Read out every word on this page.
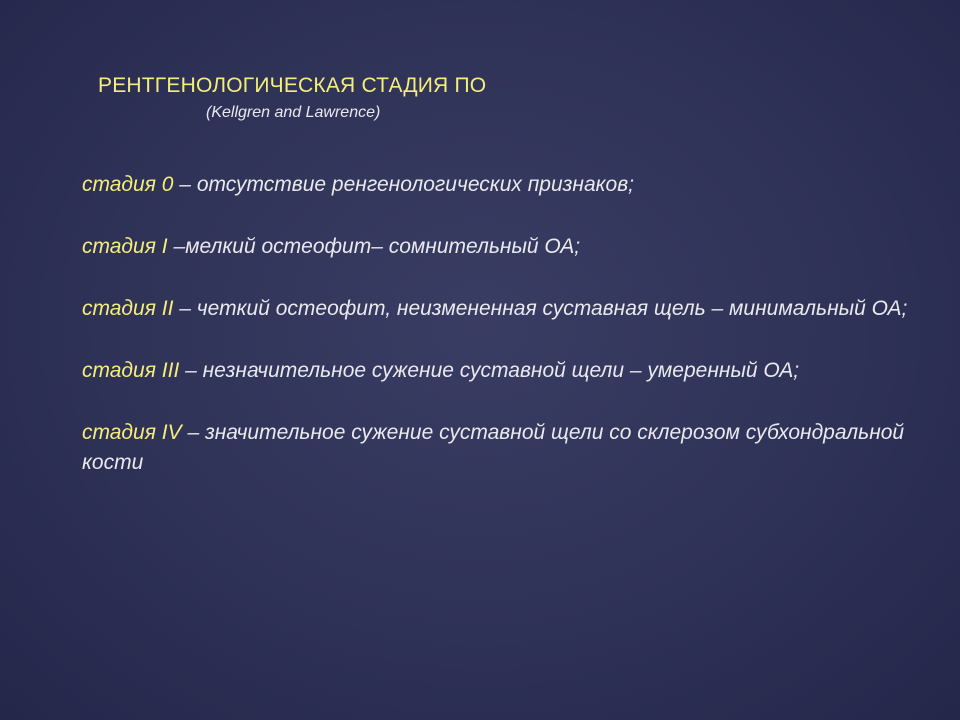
РЕНТГЕНОЛОГИЧЕСКАЯ СТАДИЯ ПО
(Kellgren and Lawrence)
стадия 0 – отсутствие ренгенологических признаков;
стадия I –мелкий остеофит– сомнительный ОА;
стадия II – четкий остеофит, неизмененная суставная щель – минимальный ОА;
стадия III – незначительное сужение суставной щели – умеренный ОА;
стадия IV – значительное сужение суставной щели со склерозом субхондральной кости
